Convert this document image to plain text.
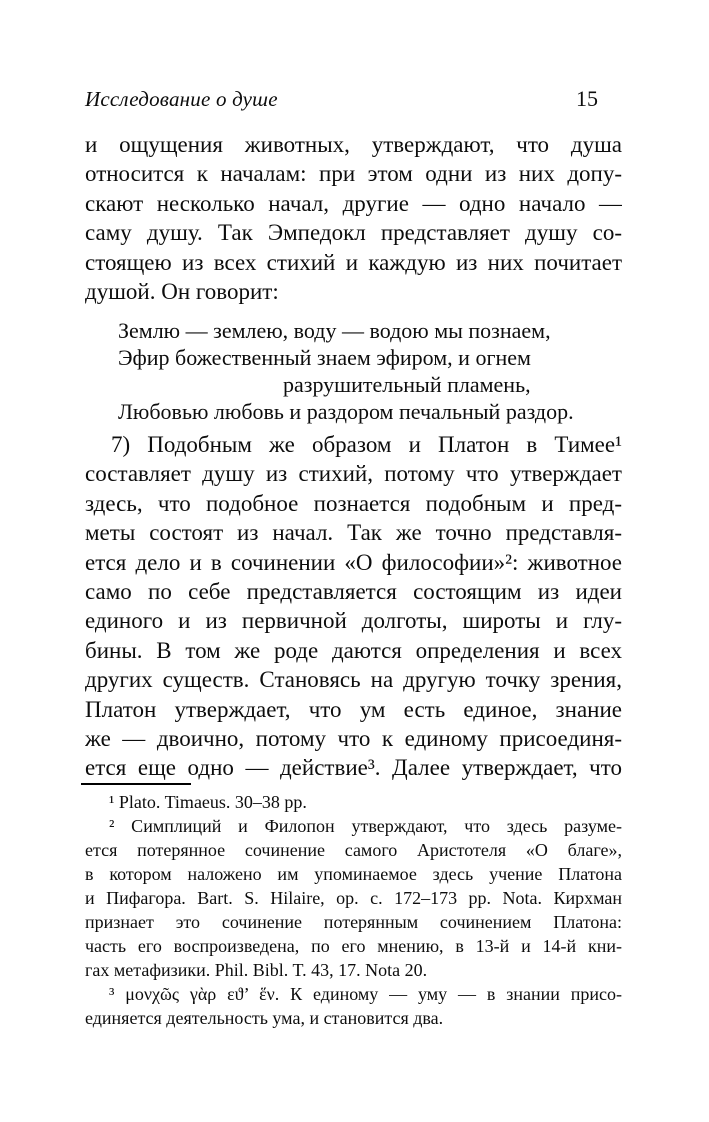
Исследование о душе	15
и ощущения животных, утверждают, что душа
относится к началам: при этом одни из них допу-
скают несколько начал, другие — одно начало —
саму душу. Так Эмпедокл представляет душу со-
стоящею из всех стихий и каждую из них почитает
душой. Он говорит:
Землю — землею, воду — водою мы познаем,
Эфир божественный знаем эфиром, и огнем
разрушительный пламень,
Любовью любовь и раздором печальный раздор.
7) Подобным же образом и Платон в Тимее¹
составляет душу из стихий, потому что утверждает
здесь, что подобное познается подобным и пред-
меты состоят из начал. Так же точно представля-
ется дело и в сочинении «О философии»²: животное
само по себе представляется состоящим из идеи
единого и из первичной долготы, широты и глу-
бины. В том же роде даются определения и всех
других существ. Становясь на другую точку зрения,
Платон утверждает, что ум есть единое, знание
же — двоично, потому что к единому присоединя-
ется еще одно — действие³. Далее утверждает, что
¹ Plato. Timaeus. 30–38 pp.
² Симплиций и Филопон утверждают, что здесь разуме-
ется потерянное сочинение самого Аристотеля «О благе»,
в котором наложено им упоминаемое здесь учение Платона
и Пифагора. Bart. S. Hilaire, op. c. 172–173 pp. Nota. Кирхман
признает это сочинение потерянным сочинением Платона:
часть его воспроизведена, по его мнению, в 13-й и 14-й кни-
гах метафизики. Phil. Bibl. T. 43, 17. Nota 20.
³ μονχῶς γὰρ εϑ’ ἕν. К единому — уму — в знании присо-
единяется деятельность ума, и становится два.
